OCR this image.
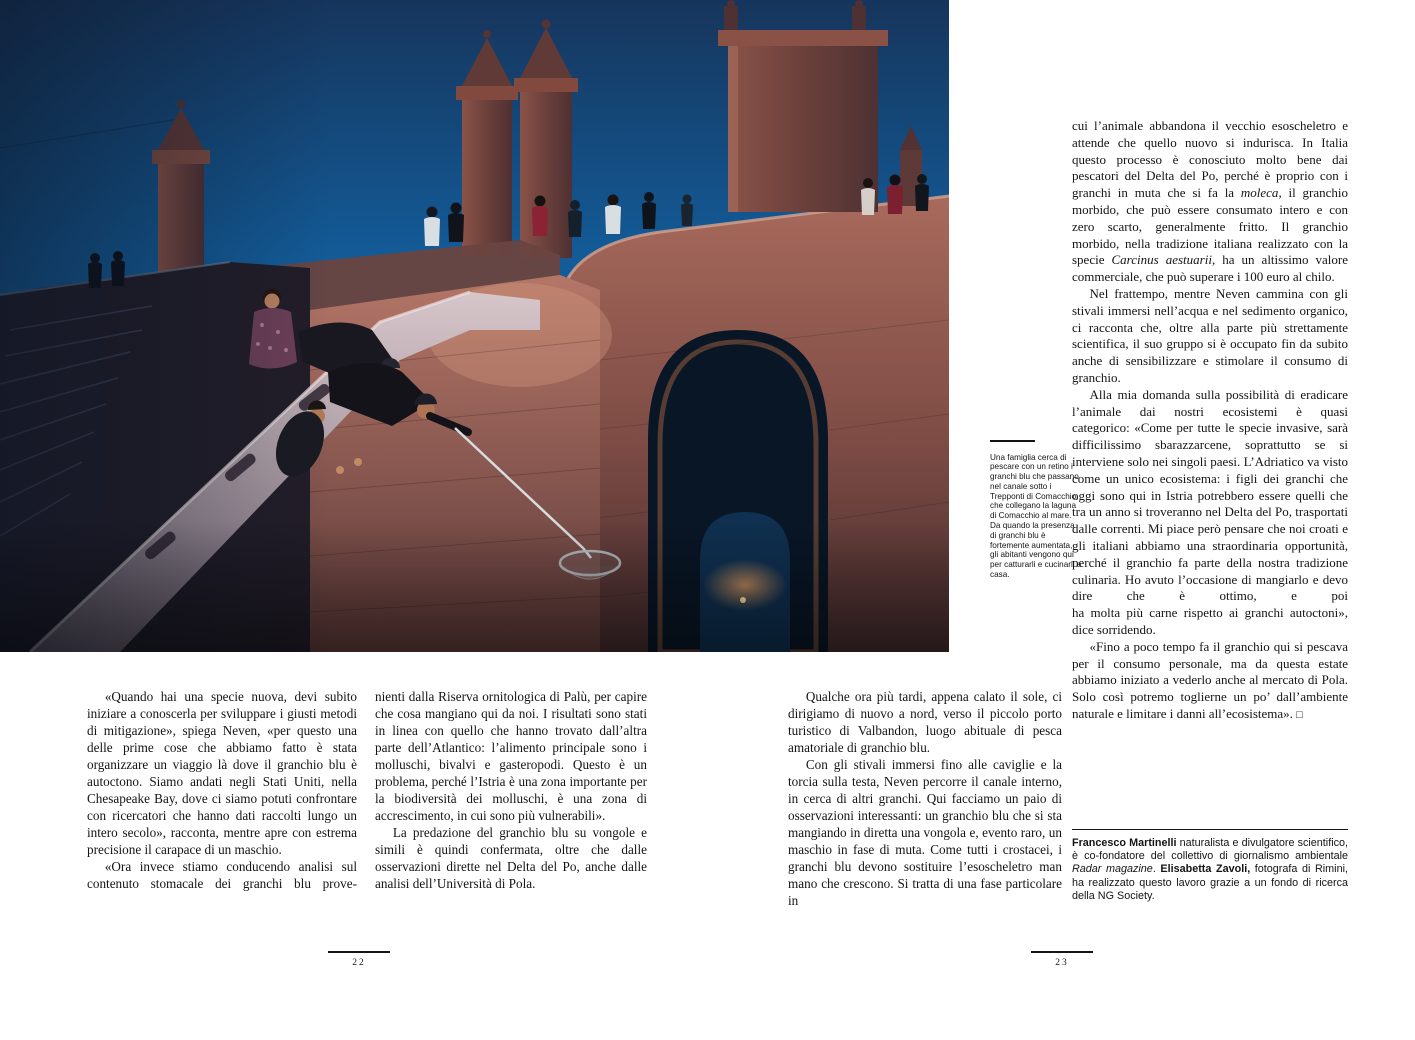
Una famiglia cerca di pescare con un retino i granchi blu che passano nel canale sotto i Trepponti di Comacchio, che collegano la laguna di Comacchio al mare. Da quando la presenza di granchi blu è fortemente aumentata, gli abitanti vengono qui per catturarli e cucinarli a casa.

«Quando hai una specie nuova, devi subito iniziare a conoscerla per sviluppare i giusti metodi di mitigazione», spiega Neven, «per questo una delle prime cose che abbiamo fatto è stata organizzare un viaggio là dove il granchio blu è autoctono. Siamo andati negli Stati Uniti, nella Chesapeake Bay, dove ci siamo potuti confrontare con ricercatori che hanno dati raccolti lungo un intero secolo», racconta, mentre apre con estrema precisione il carapace di un maschio.

«Ora invece stiamo conducendo analisi sul contenuto stomacale dei granchi blu prove-

nienti dalla Riserva ornitologica di Palù, per capire che cosa mangiano qui da noi. I risultati sono stati in linea con quello che hanno trovato dall’altra parte dell’Atlantico: l’alimento principale sono i molluschi, bivalvi e gasteropodi. Questo è un problema, perché l’Istria è una zona importante per la biodiversità dei molluschi, è una zona di accrescimento, in cui sono più vulnerabili».

La predazione del granchio blu su vongole e simili è quindi confermata, oltre che dalle osservazioni dirette nel Delta del Po, anche dalle analisi dell’Università di Pola.

Qualche ora più tardi, appena calato il sole, ci dirigiamo di nuovo a nord, verso il piccolo porto turistico di Valbandon, luogo abituale di pesca amatoriale di granchio blu.

Con gli stivali immersi fino alle caviglie e la torcia sulla testa, Neven percorre il canale interno, in cerca di altri granchi. Qui facciamo un paio di osservazioni interessanti: un granchio blu che si sta mangiando in diretta una vongola e, evento raro, un maschio in fase di muta. Come tutti i crostacei, i granchi blu devono sostituire l’esoscheletro man mano che crescono. Si tratta di una fase particolare in

cui l’animale abbandona il vecchio esoscheletro e attende che quello nuovo si indurisca. In Italia questo processo è conosciuto molto bene dai pescatori del Delta del Po, perché è proprio con i granchi in muta che si fa la moleca, il granchio morbido, che può essere consumato intero e con zero scarto, generalmente fritto. Il granchio morbido, nella tradizione italiana realizzato con la specie Carcinus aestuarii, ha un altissimo valore commerciale, che può superare i 100 euro al chilo.

Nel frattempo, mentre Neven cammina con gli stivali immersi nell’acqua e nel sedimento organico, ci racconta che, oltre alla parte più strettamente scientifica, il suo gruppo si è occupato fin da subito anche di sensibilizzare e stimolare il consumo di granchio.

Alla mia domanda sulla possibilità di eradicare l’animale dai nostri ecosistemi è quasi
categorico: «Come per tutte le specie invasive, sarà difficilissimo sbarazzarcene, soprattutto se si interviene solo nei singoli paesi. L’Adriatico va visto come un unico ecosistema: i figli dei granchi che oggi sono qui in Istria potrebbero essere quelli che tra un anno si troveranno nel Delta del Po, trasportati dalle correnti. Mi piace però pensare che noi croati e gli italiani abbiamo una straordinaria opportunità, perché il granchio fa parte della nostra tradizione culinaria. Ho avuto l’occasione di mangiarlo e devo dire che è ottimo, e poi
ha molta più carne rispetto ai granchi autoctoni», dice sorridendo.

«Fino a poco tempo fa il granchio qui si pescava per il consumo personale, ma da questa estate abbiamo iniziato a vederlo anche al mercato di Pola. Solo così potremo toglierne un po’ dall’ambiente naturale e limitare i danni all’ecosistema». □

Francesco Martinelli naturalista e divulgatore scientifico, è co-fondatore del collettivo di giornalismo ambientale Radar magazine. Elisabetta Zavoli, fotografa di Rimini, ha realizzato questo lavoro grazie a un fondo di ricerca della NG Society.
22	23
